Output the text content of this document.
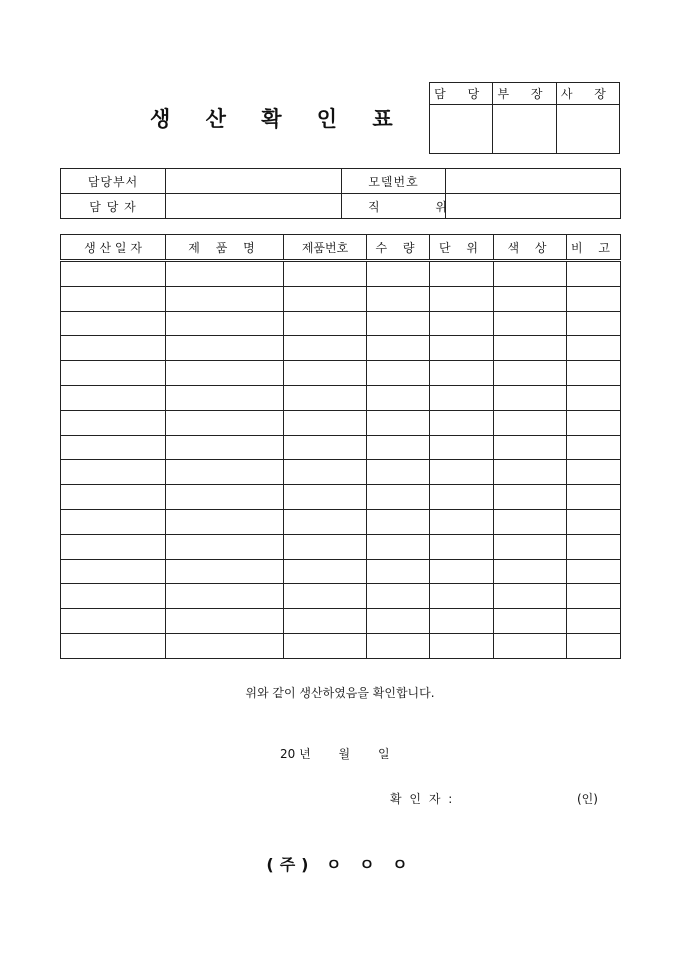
생 산 확 인 표
담 당	부 장	사 장

담당부서		모델번호	
담 당 자		직 위	
생 산 일 자	제 품 명	제품번호	수 량	단 위	색 상	비 고

위와 같이 생산하였음을 확인합니다.
20 년 월 일
확 인 자 :	(인)
(주) ㅇ ㅇ ㅇ
